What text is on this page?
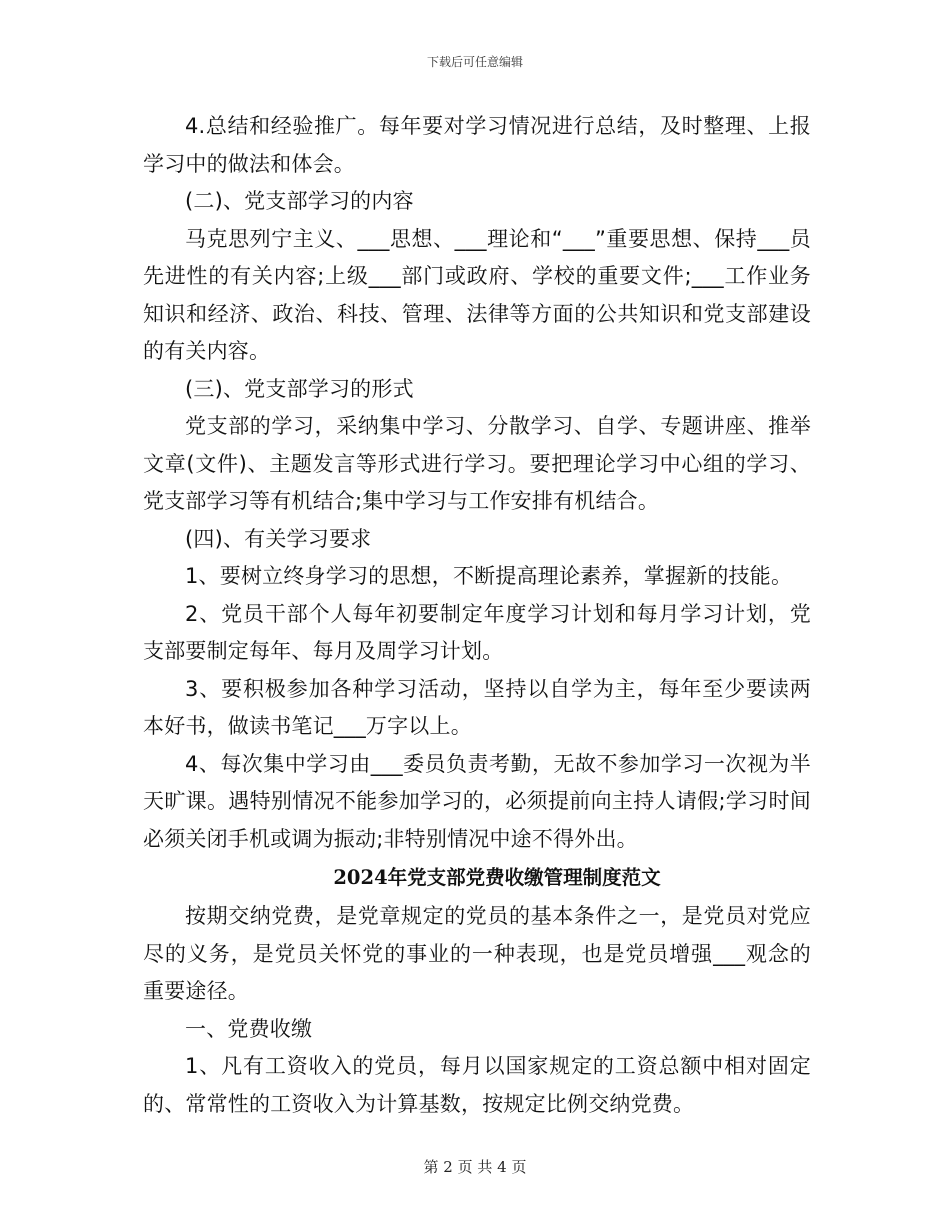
下载后可任意编辑

4.总结和经验推广。每年要对学习情况进行总结，及时整理、上报学习中的做法和体会。

(二)、党支部学习的内容

马克思列宁主义、___思想、___理论和“___”重要思想、保持___员先进性的有关内容;上级___部门或政府、学校的重要文件;___工作业务知识和经济、政治、科技、管理、法律等方面的公共知识和党支部建设的有关内容。

(三)、党支部学习的形式

党支部的学习，采纳集中学习、分散学习、自学、专题讲座、推举文章(文件)、主题发言等形式进行学习。要把理论学习中心组的学习、党支部学习等有机结合;集中学习与工作安排有机结合。

(四)、有关学习要求

1、要树立终身学习的思想，不断提高理论素养，掌握新的技能。

2、党员干部个人每年初要制定年度学习计划和每月学习计划，党支部要制定每年、每月及周学习计划。

3、要积极参加各种学习活动，坚持以自学为主，每年至少要读两本好书，做读书笔记___万字以上。

4、每次集中学习由___委员负责考勤，无故不参加学习一次视为半天旷课。遇特别情况不能参加学习的，必须提前向主持人请假;学习时间必须关闭手机或调为振动;非特别情况中途不得外出。

2024年党支部党费收缴管理制度范文

按期交纳党费，是党章规定的党员的基本条件之一，是党员对党应尽的义务，是党员关怀党的事业的一种表现，也是党员增强___观念的重要途径。

一、党费收缴

1、凡有工资收入的党员，每月以国家规定的工资总额中相对固定的、常常性的工资收入为计算基数，按规定比例交纳党费。

第 2 页 共 4 页
